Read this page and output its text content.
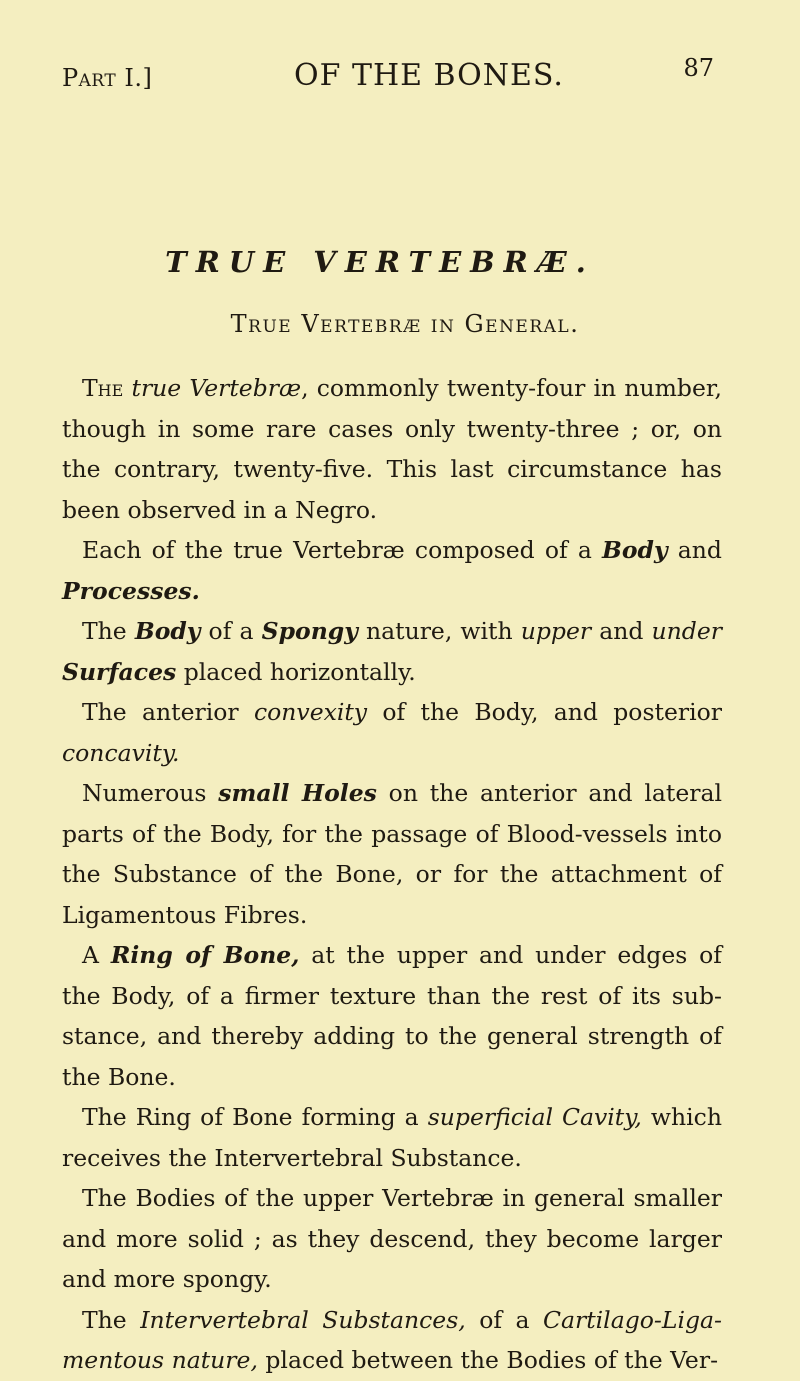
Part I.]	OF THE BONES.	87
TRUE VERTEBRÆ.
True Vertebræ in General.

The true Vertebræ, commonly twenty-four in number, though in some rare cases only twenty-three ; or, on the contrary, twenty-five. This last circumstance has been observed in a Negro.

Each of the true Vertebræ composed of a Body and Processes.

The Body of a Spongy nature, with upper and under Surfaces placed horizontally.

The anterior convexity of the Body, and posterior concavity.

Numerous small Holes on the anterior and lateral parts of the Body, for the passage of Blood-vessels into the Substance of the Bone, or for the attachment of Ligamentous Fibres.

A Ring of Bone, at the upper and under edges of the Body, of a firmer texture than the rest of its substance, and thereby adding to the general strength of the Bone.

The Ring of Bone forming a superficial Cavity, which receives the Intervertebral Substance.

The Bodies of the upper Vertebræ in general smaller and more solid ; as they descend, they become larger and more spongy.

The Intervertebral Substances, of a Cartilago-Ligamentous nature, placed between the Bodies of the Ver-
